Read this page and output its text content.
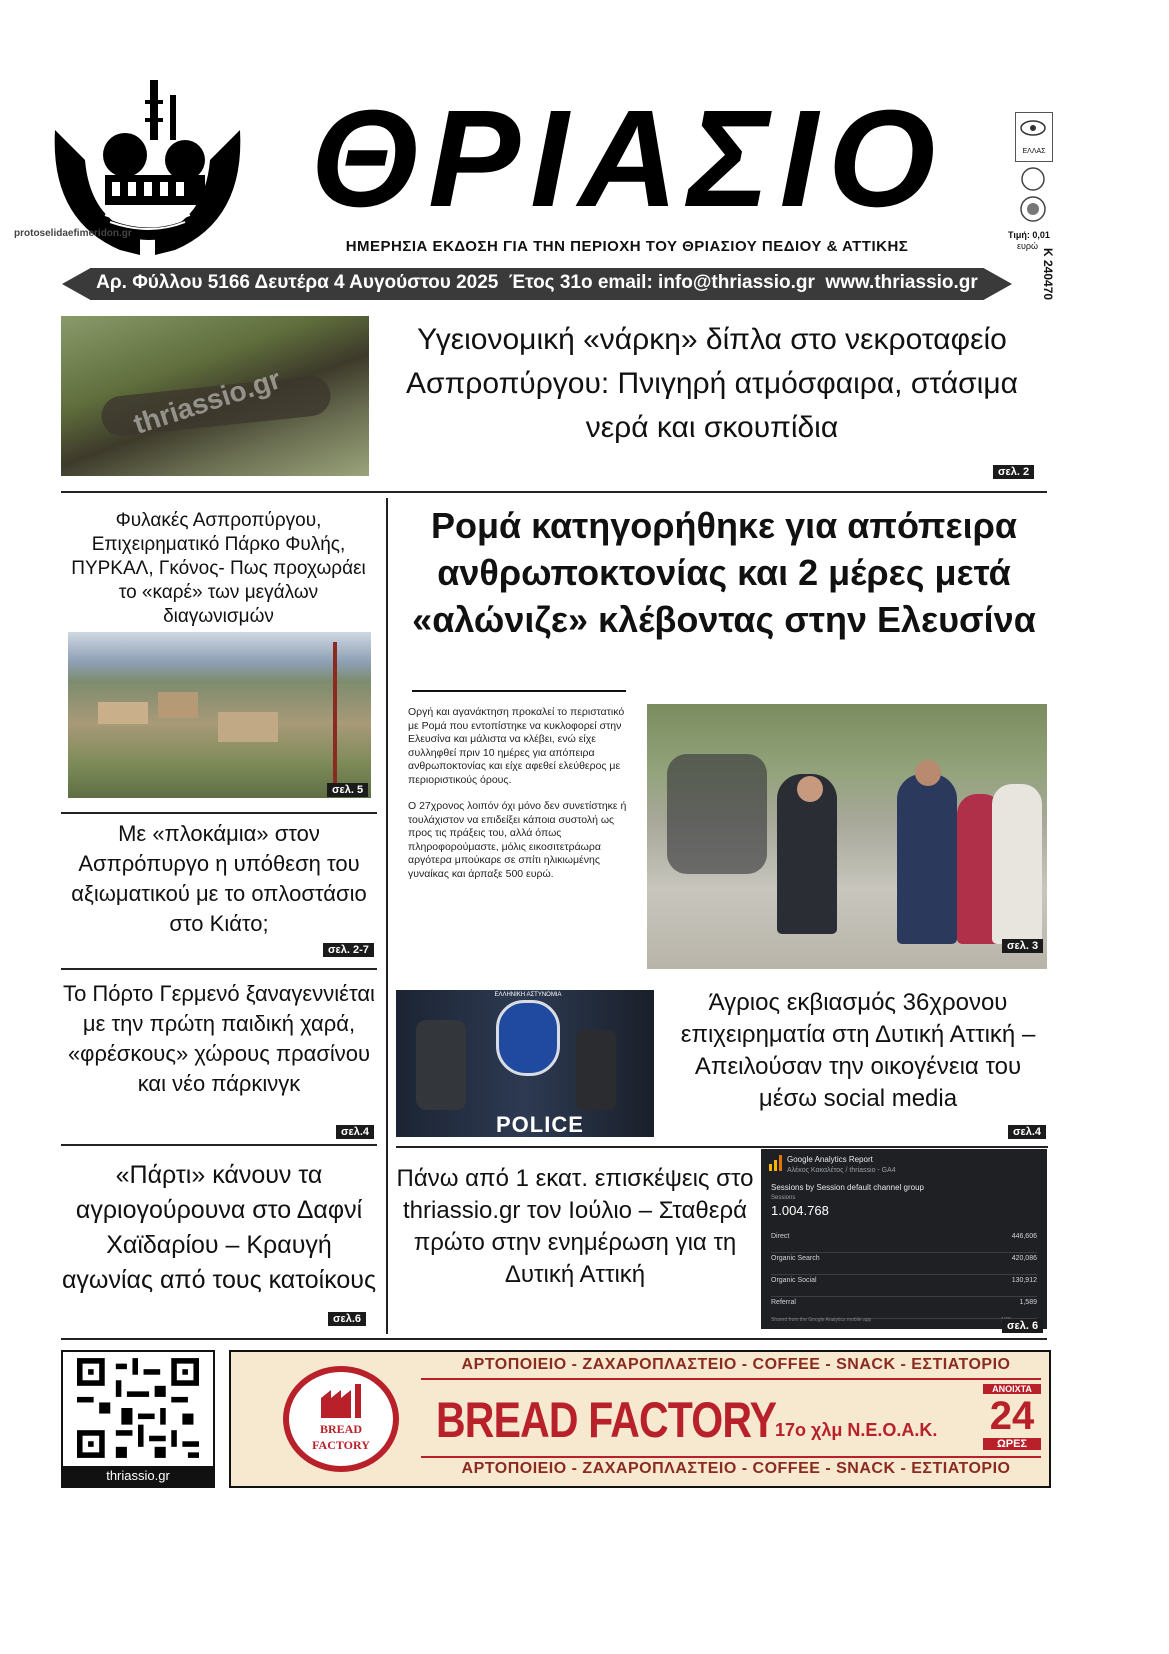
protoselidaefimeridon.gr	ΘΡΙΑΣΙΟ
ΗΜΕΡΗΣΙΑ ΕΚΔΟΣΗ ΓΙΑ ΤΗΝ ΠΕΡΙΟΧΗ ΤΟΥ ΘΡΙΑΣΙΟΥ ΠΕΔΙΟΥ & ΑΤΤΙΚΗΣ
Αρ. Φύλλου 5166 Δευτέρα 4 Αυγούστου 2025  Έτος 31ο email: info@thriassio.gr  www.thriassio.gr
ΕΛΛΑΣ
Τιμή: 0,01
ευρώ
Κ 240470
thriassio.gr
Υγειονομική «νάρκη» δίπλα στο νεκροταφείο Ασπροπύργου: Πνιγηρή ατμόσφαιρα, στάσιμα νερά και σκουπίδια
σελ. 2
Φυλακές Ασπροπύργου, Επιχειρηματικό Πάρκο Φυλής, ΠΥΡΚΑΛ, Γκόνος- Πως προχωράει το «καρέ» των μεγάλων διαγωνισμών
σελ. 5
Με «πλοκάμια» στον Ασπρόπυργο η υπόθεση του αξιωματικού με το οπλοστάσιο στο Κιάτο;
σελ. 2-7
Το Πόρτο Γερμενό ξαναγεννιέται με την πρώτη παιδική χαρά, «φρέσκους» χώρους πρασίνου και νέο πάρκινγκ
σελ.4
«Πάρτι» κάνουν τα αγριογούρουνα στο Δαφνί Χαϊδαρίου – Κραυγή αγωνίας από τους κατοίκους
σελ.6
Ρομά κατηγορήθηκε για απόπειρα ανθρωποκτονίας και 2 μέρες μετά «αλώνιζε» κλέβοντας στην Ελευσίνα

Οργή και αγανάκτηση προκαλεί το περιστατικό με Ρομά που εντοπίστηκε να κυκλοφορεί στην Ελευσίνα και μάλιστα να κλέβει, ενώ είχε συλληφθεί πριν 10 ημέρες για απόπειρα ανθρωποκτονίας και είχε αφεθεί ελεύθερος με περιοριστικούς όρους.

Ο 27χρονος λοιπόν όχι μόνο δεν συνετίστηκε ή τουλάχιστον να επιδείξει κάποια συστολή ως προς τις πράξεις του, αλλά όπως πληροφορούμαστε, μόλις εικοσιτετράωρα αργότερα μπούκαρε σε σπίτι ηλικιωμένης γυναίκας και άρπαξε 500 ευρώ.

σελ. 3
ΕΛΛΗΝΙΚΗ ΑΣΤΥΝΟΜΙΑ
POLICE
Άγριος εκβιασμός 36χρονου επιχειρηματία στη Δυτική Αττική – Απειλούσαν την οικογένεια του μέσω social media
σελ.4
Πάνω από 1 εκατ. επισκέψεις στο thriassio.gr τον Ιούλιο – Σταθερά πρώτο στην ενημέρωση για τη Δυτική Αττική
Google Analytics Report
Αλέκος Κακαλέτος / thriassio - GA4
Sessions by Session default channel group
Sessions
1.004.768
Direct	446,606
Organic Search	420,086
Organic Social	130,912
Referral	1,589
Shared from the Google Analytics mobile app	σελ. 6
thriassio.gr
ΑΡΤΟΠΟΙΕΙΟ - ΖΑΧΑΡΟΠΛΑΣΤΕΙΟ - COFFEE - SNACK - ΕΣΤΙΑΤΟΡΙΟ
BREAD
FACTORY	BREAD FACTORY
17ο χλμ Ν.Ε.Ο.Α.Κ.
ΑΝΟΙΧΤΑ
24
ΩΡΕΣ
ΑΡΤΟΠΟΙΕΙΟ - ΖΑΧΑΡΟΠΛΑΣΤΕΙΟ - COFFEE - SNACK - ΕΣΤΙΑΤΟΡΙΟ
